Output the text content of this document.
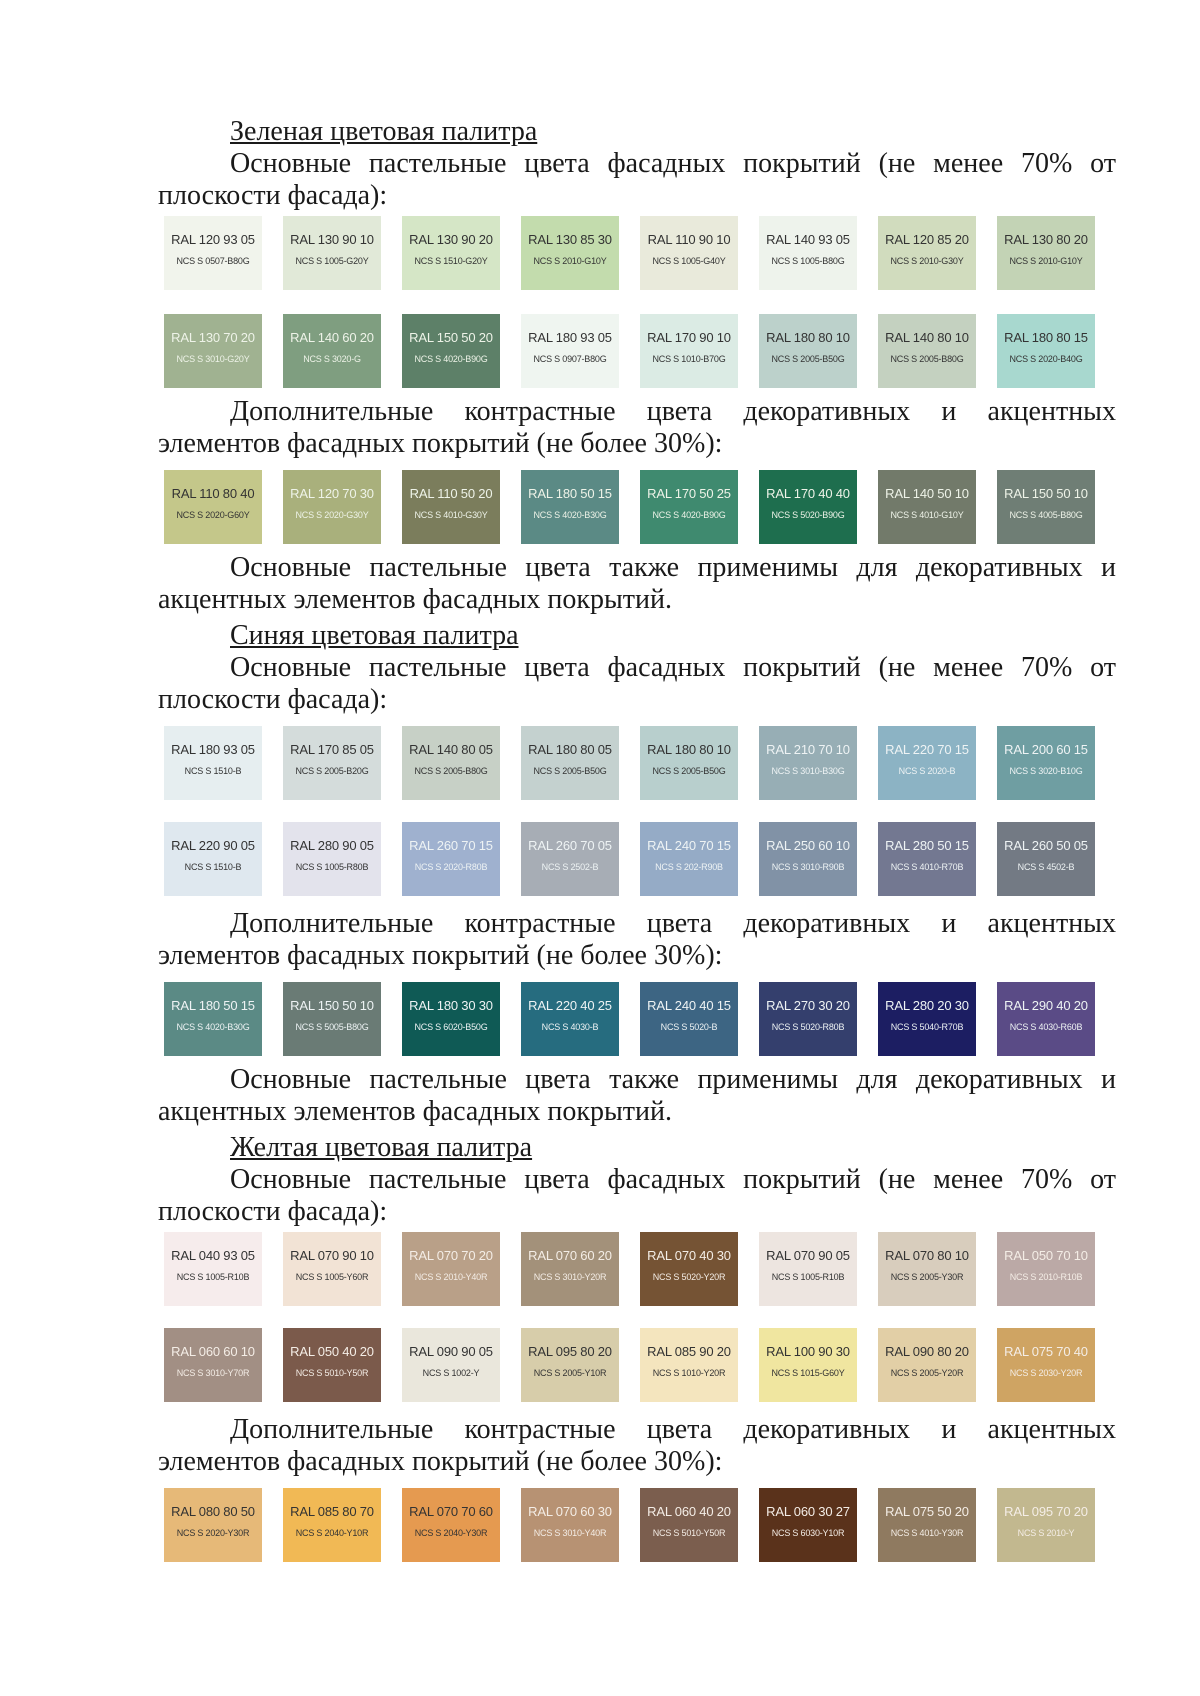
Зеленая цветовая палитра
Основные пастельные цвета фасадных покрытий (не менее 70% от плоскости фасада):
RAL 120 93 05
NCS S 0507-B80G
RAL 130 90 10
NCS S 1005-G20Y
RAL 130 90 20
NCS S 1510-G20Y
RAL 130 85 30
NCS S 2010-G10Y
RAL 110 90 10
NCS S 1005-G40Y
RAL 140 93 05
NCS S 1005-B80G
RAL 120 85 20
NCS S 2010-G30Y
RAL 130 80 20
NCS S 2010-G10Y
RAL 130 70 20
NCS S 3010-G20Y
RAL 140 60 20
NCS S 3020-G
RAL 150 50 20
NCS S 4020-B90G
RAL 180 93 05
NCS S 0907-B80G
RAL 170 90 10
NCS S 1010-B70G
RAL 180 80 10
NCS S 2005-B50G
RAL 140 80 10
NCS S 2005-B80G
RAL 180 80 15
NCS S 2020-B40G
Дополнительные контрастные цвета декоративных и акцентных элементов фасадных покрытий (не более 30%):
RAL 110 80 40
NCS S 2020-G60Y
RAL 120 70 30
NCS S 2020-G30Y
RAL 110 50 20
NCS S 4010-G30Y
RAL 180 50 15
NCS S 4020-B30G
RAL 170 50 25
NCS S 4020-B90G
RAL 170 40 40
NCS S 5020-B90G
RAL 140 50 10
NCS S 4010-G10Y
RAL 150 50 10
NCS S 4005-B80G
Основные пастельные цвета также применимы для декоративных и акцентных элементов фасадных покрытий.
Синяя цветовая палитра
Основные пастельные цвета фасадных покрытий (не менее 70% от плоскости фасада):
RAL 180 93 05
NCS S 1510-B
RAL 170 85 05
NCS S 2005-B20G
RAL 140 80 05
NCS S 2005-B80G
RAL 180 80 05
NCS S 2005-B50G
RAL 180 80 10
NCS S 2005-B50G
RAL 210 70 10
NCS S 3010-B30G
RAL 220 70 15
NCS S 2020-B
RAL 200 60 15
NCS S 3020-B10G
RAL 220 90 05
NCS S 1510-B
RAL 280 90 05
NCS S 1005-R80B
RAL 260 70 15
NCS S 2020-R80B
RAL 260 70 05
NCS S 2502-B
RAL 240 70 15
NCS S 202-R90B
RAL 250 60 10
NCS S 3010-R90B
RAL 280 50 15
NCS S 4010-R70B
RAL 260 50 05
NCS S 4502-B
Дополнительные контрастные цвета декоративных и акцентных элементов фасадных покрытий (не более 30%):
RAL 180 50 15
NCS S 4020-B30G
RAL 150 50 10
NCS S 5005-B80G
RAL 180 30 30
NCS S 6020-B50G
RAL 220 40 25
NCS S 4030-B
RAL 240 40 15
NCS S 5020-B
RAL 270 30 20
NCS S 5020-R80B
RAL 280 20 30
NCS S 5040-R70B
RAL 290 40 20
NCS S 4030-R60B
Основные пастельные цвета также применимы для декоративных и акцентных элементов фасадных покрытий.
Желтая цветовая палитра
Основные пастельные цвета фасадных покрытий (не менее 70% от плоскости фасада):
RAL 040 93 05
NCS S 1005-R10B
RAL 070 90 10
NCS S 1005-Y60R
RAL 070 70 20
NCS S 2010-Y40R
RAL 070 60 20
NCS S 3010-Y20R
RAL 070 40 30
NCS S 5020-Y20R
RAL 070 90 05
NCS S 1005-R10B
RAL 070 80 10
NCS S 2005-Y30R
RAL 050 70 10
NCS S 2010-R10B
RAL 060 60 10
NCS S 3010-Y70R
RAL 050 40 20
NCS S 5010-Y50R
RAL 090 90 05
NCS S 1002-Y
RAL 095 80 20
NCS S 2005-Y10R
RAL 085 90 20
NCS S 1010-Y20R
RAL 100 90 30
NCS S 1015-G60Y
RAL 090 80 20
NCS S 2005-Y20R
RAL 075 70 40
NCS S 2030-Y20R
Дополнительные контрастные цвета декоративных и акцентных элементов фасадных покрытий (не более 30%):
RAL 080 80 50
NCS S 2020-Y30R
RAL 085 80 70
NCS S 2040-Y10R
RAL 070 70 60
NCS S 2040-Y30R
RAL 070 60 30
NCS S 3010-Y40R
RAL 060 40 20
NCS S 5010-Y50R
RAL 060 30 27
NCS S 6030-Y10R
RAL 075 50 20
NCS S 4010-Y30R
RAL 095 70 20
NCS S 2010-Y
